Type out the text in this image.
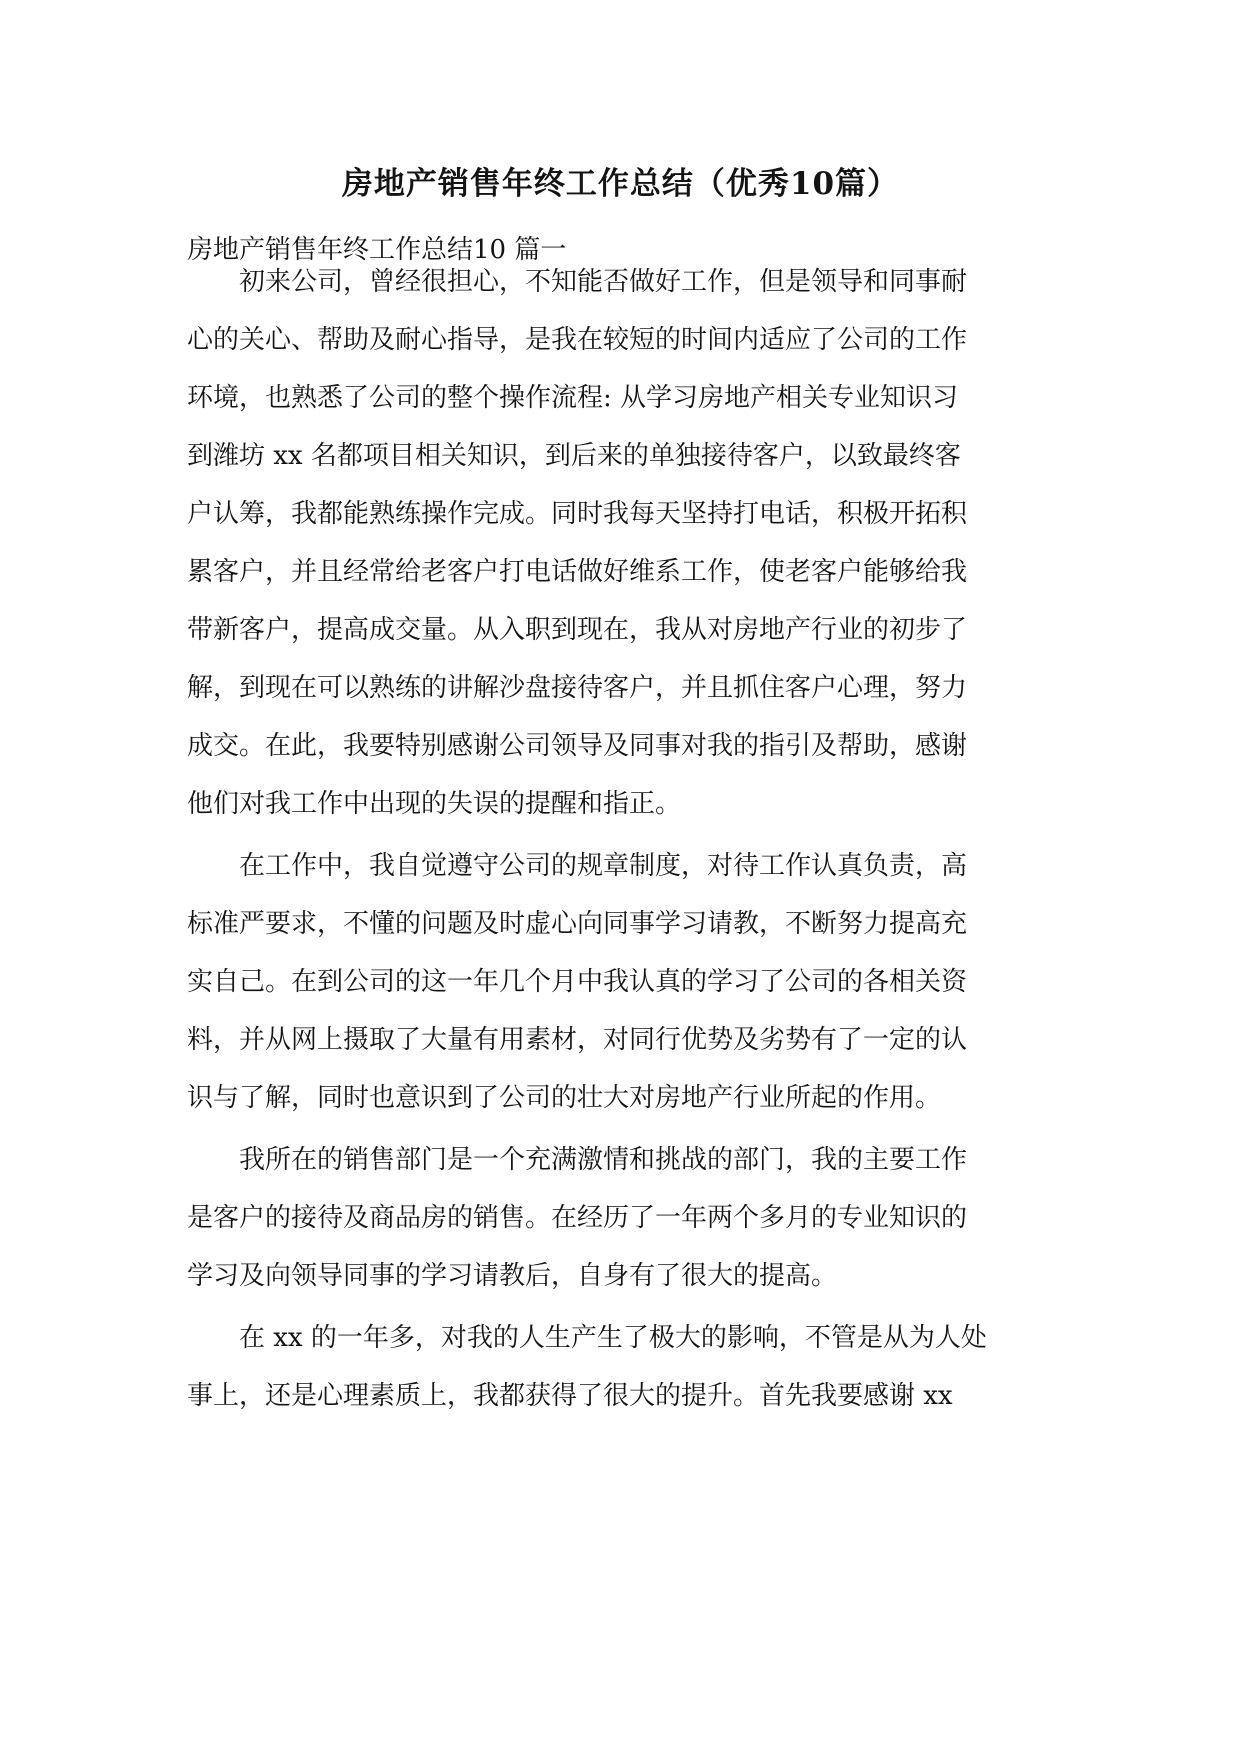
房地产销售年终工作总结（优秀10篇）

房地产销售年终工作总结10 篇一

　　初来公司，曾经很担心，不知能否做好工作，但是领导和同事耐
心的关心、帮助及耐心指导，是我在较短的时间内适应了公司的工作
环境，也熟悉了公司的整个操作流程: 从学习房地产相关专业知识习
到潍坊 xx 名都项目相关知识，到后来的单独接待客户，以致最终客
户认筹，我都能熟练操作完成。同时我每天坚持打电话，积极开拓积
累客户，并且经常给老客户打电话做好维系工作，使老客户能够给我
带新客户，提高成交量。从入职到现在，我从对房地产行业的初步了
解，到现在可以熟练的讲解沙盘接待客户，并且抓住客户心理，努力
成交。在此，我要特别感谢公司领导及同事对我的指引及帮助，感谢
他们对我工作中出现的失误的提醒和指正。
　　在工作中，我自觉遵守公司的规章制度，对待工作认真负责，高
标准严要求，不懂的问题及时虚心向同事学习请教，不断努力提高充
实自己。在到公司的这一年几个月中我认真的学习了公司的各相关资
料，并从网上摄取了大量有用素材，对同行优势及劣势有了一定的认
识与了解，同时也意识到了公司的壮大对房地产行业所起的作用。
　　我所在的销售部门是一个充满激情和挑战的部门，我的主要工作
是客户的接待及商品房的销售。在经历了一年两个多月的专业知识的
学习及向领导同事的学习请教后，自身有了很大的提高。
　　在 xx 的一年多，对我的人生产生了极大的影响，不管是从为人处
事上，还是心理素质上，我都获得了很大的提升。首先我要感谢 xx
